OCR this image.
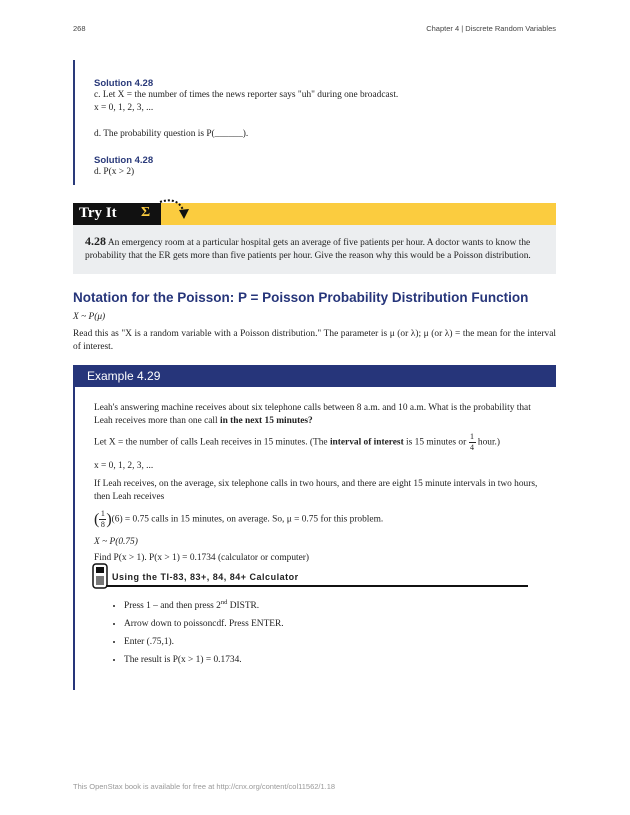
268	Chapter 4 | Discrete Random Variables
Solution 4.28
c. Let X = the number of times the news reporter says "uh" during one broadcast.
x = 0, 1, 2, 3, ...
d. The probability question is P(______).
Solution 4.28
d. P(x > 2)
Try It Σ
4.28 An emergency room at a particular hospital gets an average of five patients per hour. A doctor wants to know the probability that the ER gets more than five patients per hour. Give the reason why this would be a Poisson distribution.
Notation for the Poisson: P = Poisson Probability Distribution Function
X ~ P(μ)
Read this as "X is a random variable with a Poisson distribution." The parameter is μ (or λ); μ (or λ) = the mean for the interval of interest.
Example 4.29
Leah's answering machine receives about six telephone calls between 8 a.m. and 10 a.m. What is the probability that Leah receives more than one call in the next 15 minutes?
Let X = the number of calls Leah receives in 15 minutes. (The interval of interest is 15 minutes or $\frac{1}{4}$ hour.)
x = 0, 1, 2, 3, ...
If Leah receives, on the average, six telephone calls in two hours, and there are eight 15 minute intervals in two hours, then Leah receives
( $\frac{1}{8} )(6) = 0.75$ calls in 15 minutes, on average. So, μ = 0.75 for this problem.
X ~ P(0.75)
Find P(x > 1). P(x > 1) = 0.1734 (calculator or computer)
Using the TI-83, 83+, 84, 84+ Calculator
• Press 1 – and then press 2nd DISTR.
• Arrow down to poissoncdf. Press ENTER.
• Enter (.75,1).
• The result is P(x > 1) = 0.1734.
This OpenStax book is available for free at http://cnx.org/content/col11562/1.18
